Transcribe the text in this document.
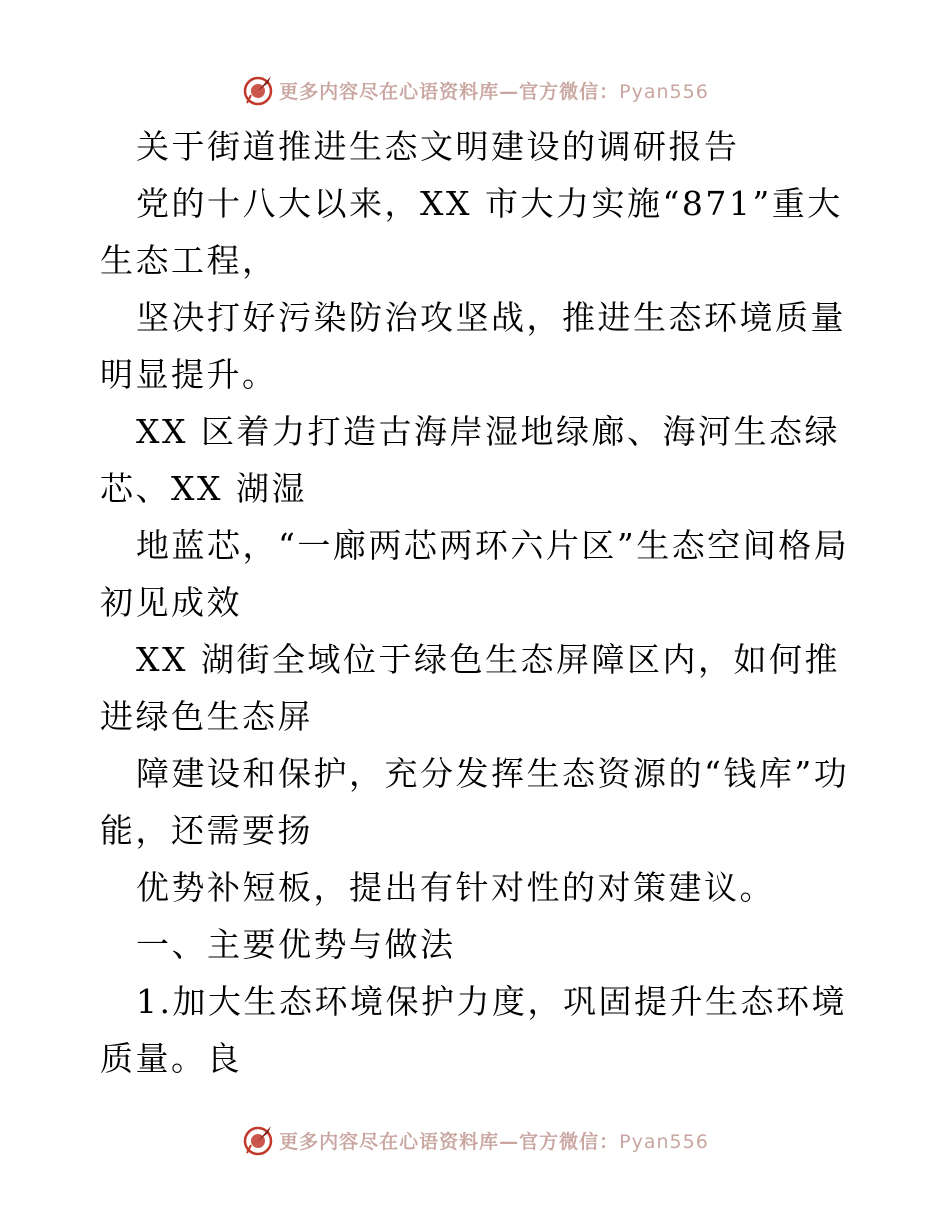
更多内容尽在心语资料库—官方微信：Pyan556

关于街道推进生态文明建设的调研报告

党的十八大以来，XX 市大力实施“871”重大生态工程，

坚决打好污染防治攻坚战，推进生态环境质量明显提升。

XX 区着力打造古海岸湿地绿廊、海河生态绿芯、XX 湖湿

地蓝芯，“一廊两芯两环六片区”生态空间格局初见成效

XX 湖街全域位于绿色生态屏障区内，如何推进绿色生态屏

障建设和保护，充分发挥生态资源的“钱库”功能，还需要扬

优势补短板，提出有针对性的对策建议。

一、主要优势与做法

1.加大生态环境保护力度，巩固提升生态环境质量。良

更多内容尽在心语资料库—官方微信：Pyan556
